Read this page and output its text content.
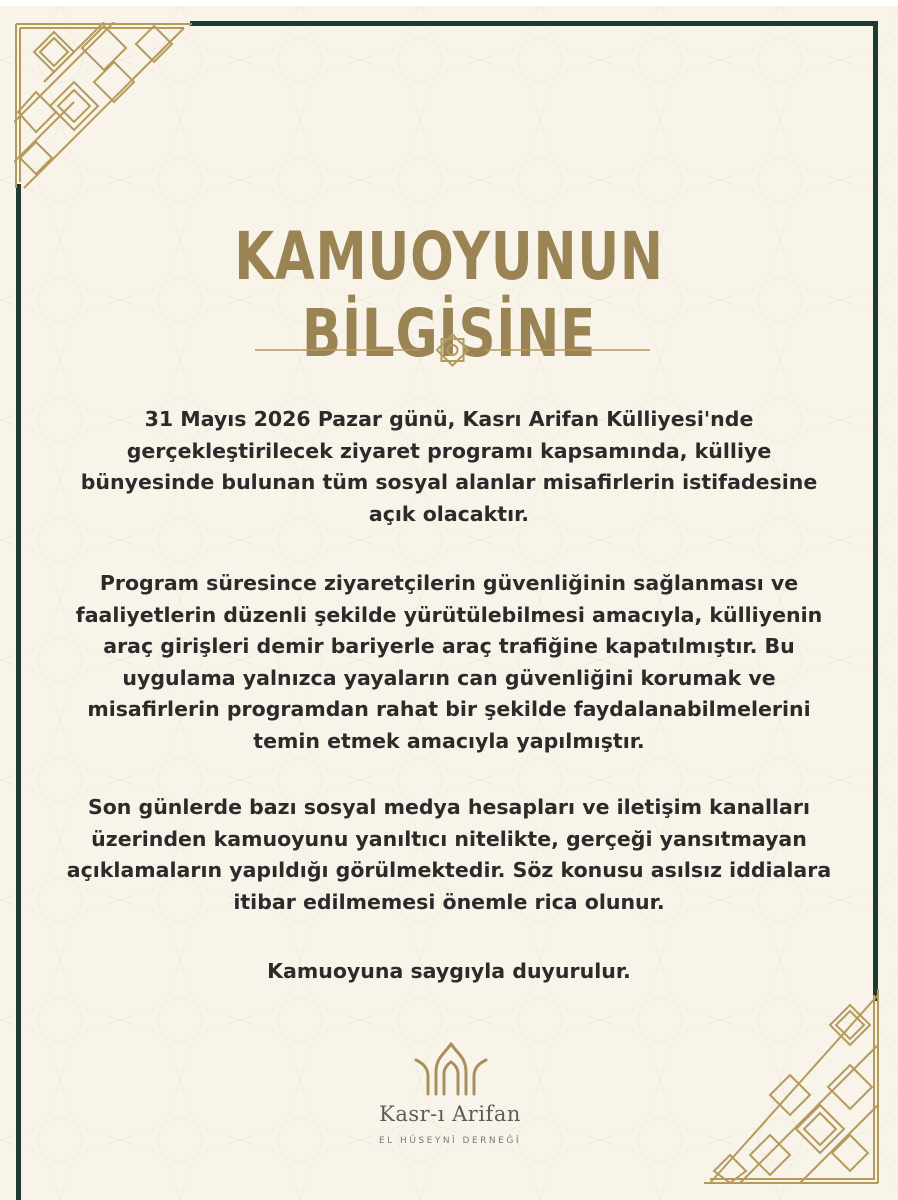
KAMUOYUNUN BİLGİSİNE

31 Mayıs 2026 Pazar günü, Kasrı Arifan Külliyesi'nde gerçekleştirilecek ziyaret programı kapsamında, külliye bünyesinde bulunan tüm sosyal alanlar misafirlerin istifadesine açık olacaktır.

Program süresince ziyaretçilerin güvenliğinin sağlanması ve faaliyetlerin düzenli şekilde yürütülebilmesi amacıyla, külliyenin araç girişleri demir bariyerle araç trafiğine kapatılmıştır. Bu uygulama yalnızca yayaların can güvenliğini korumak ve misafirlerin programdan rahat bir şekilde faydalanabilmelerini temin etmek amacıyla yapılmıştır.

Son günlerde bazı sosyal medya hesapları ve iletişim kanalları üzerinden kamuoyunu yanıltıcı nitelikte, gerçeği yansıtmayan açıklamaların yapıldığı görülmektedir. Söz konusu asılsız iddialara itibar edilmemesi önemle rica olunur.

Kamuoyuna saygıyla duyurulur.

Kasr-ı Arifan
EL HÜSEYNİ DERNEĞİ
